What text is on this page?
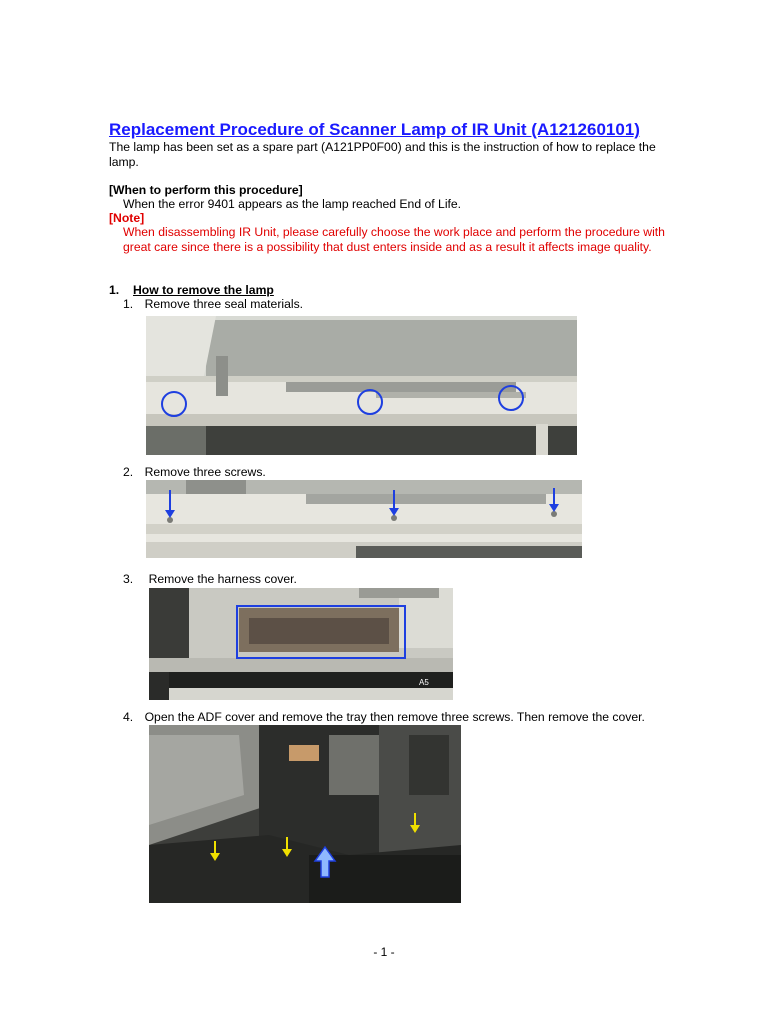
Replacement Procedure of Scanner Lamp of IR Unit (A121260101)
The lamp has been set as a spare part (A121PP0F00) and this is the instruction of how to replace the lamp.
[When to perform this procedure]
When the error 9401 appears as the lamp reached End of Life.
[Note]
When disassembling IR Unit, please carefully choose the work place and perform the procedure with great care since there is a possibility that dust enters inside and as a result it affects image quality.
1. How to remove the lamp
1. Remove three seal materials.
2. Remove three screws.
3. Remove the harness cover.
A5
4. Open the ADF cover and remove the tray then remove three screws. Then remove the cover.
- 1 -
